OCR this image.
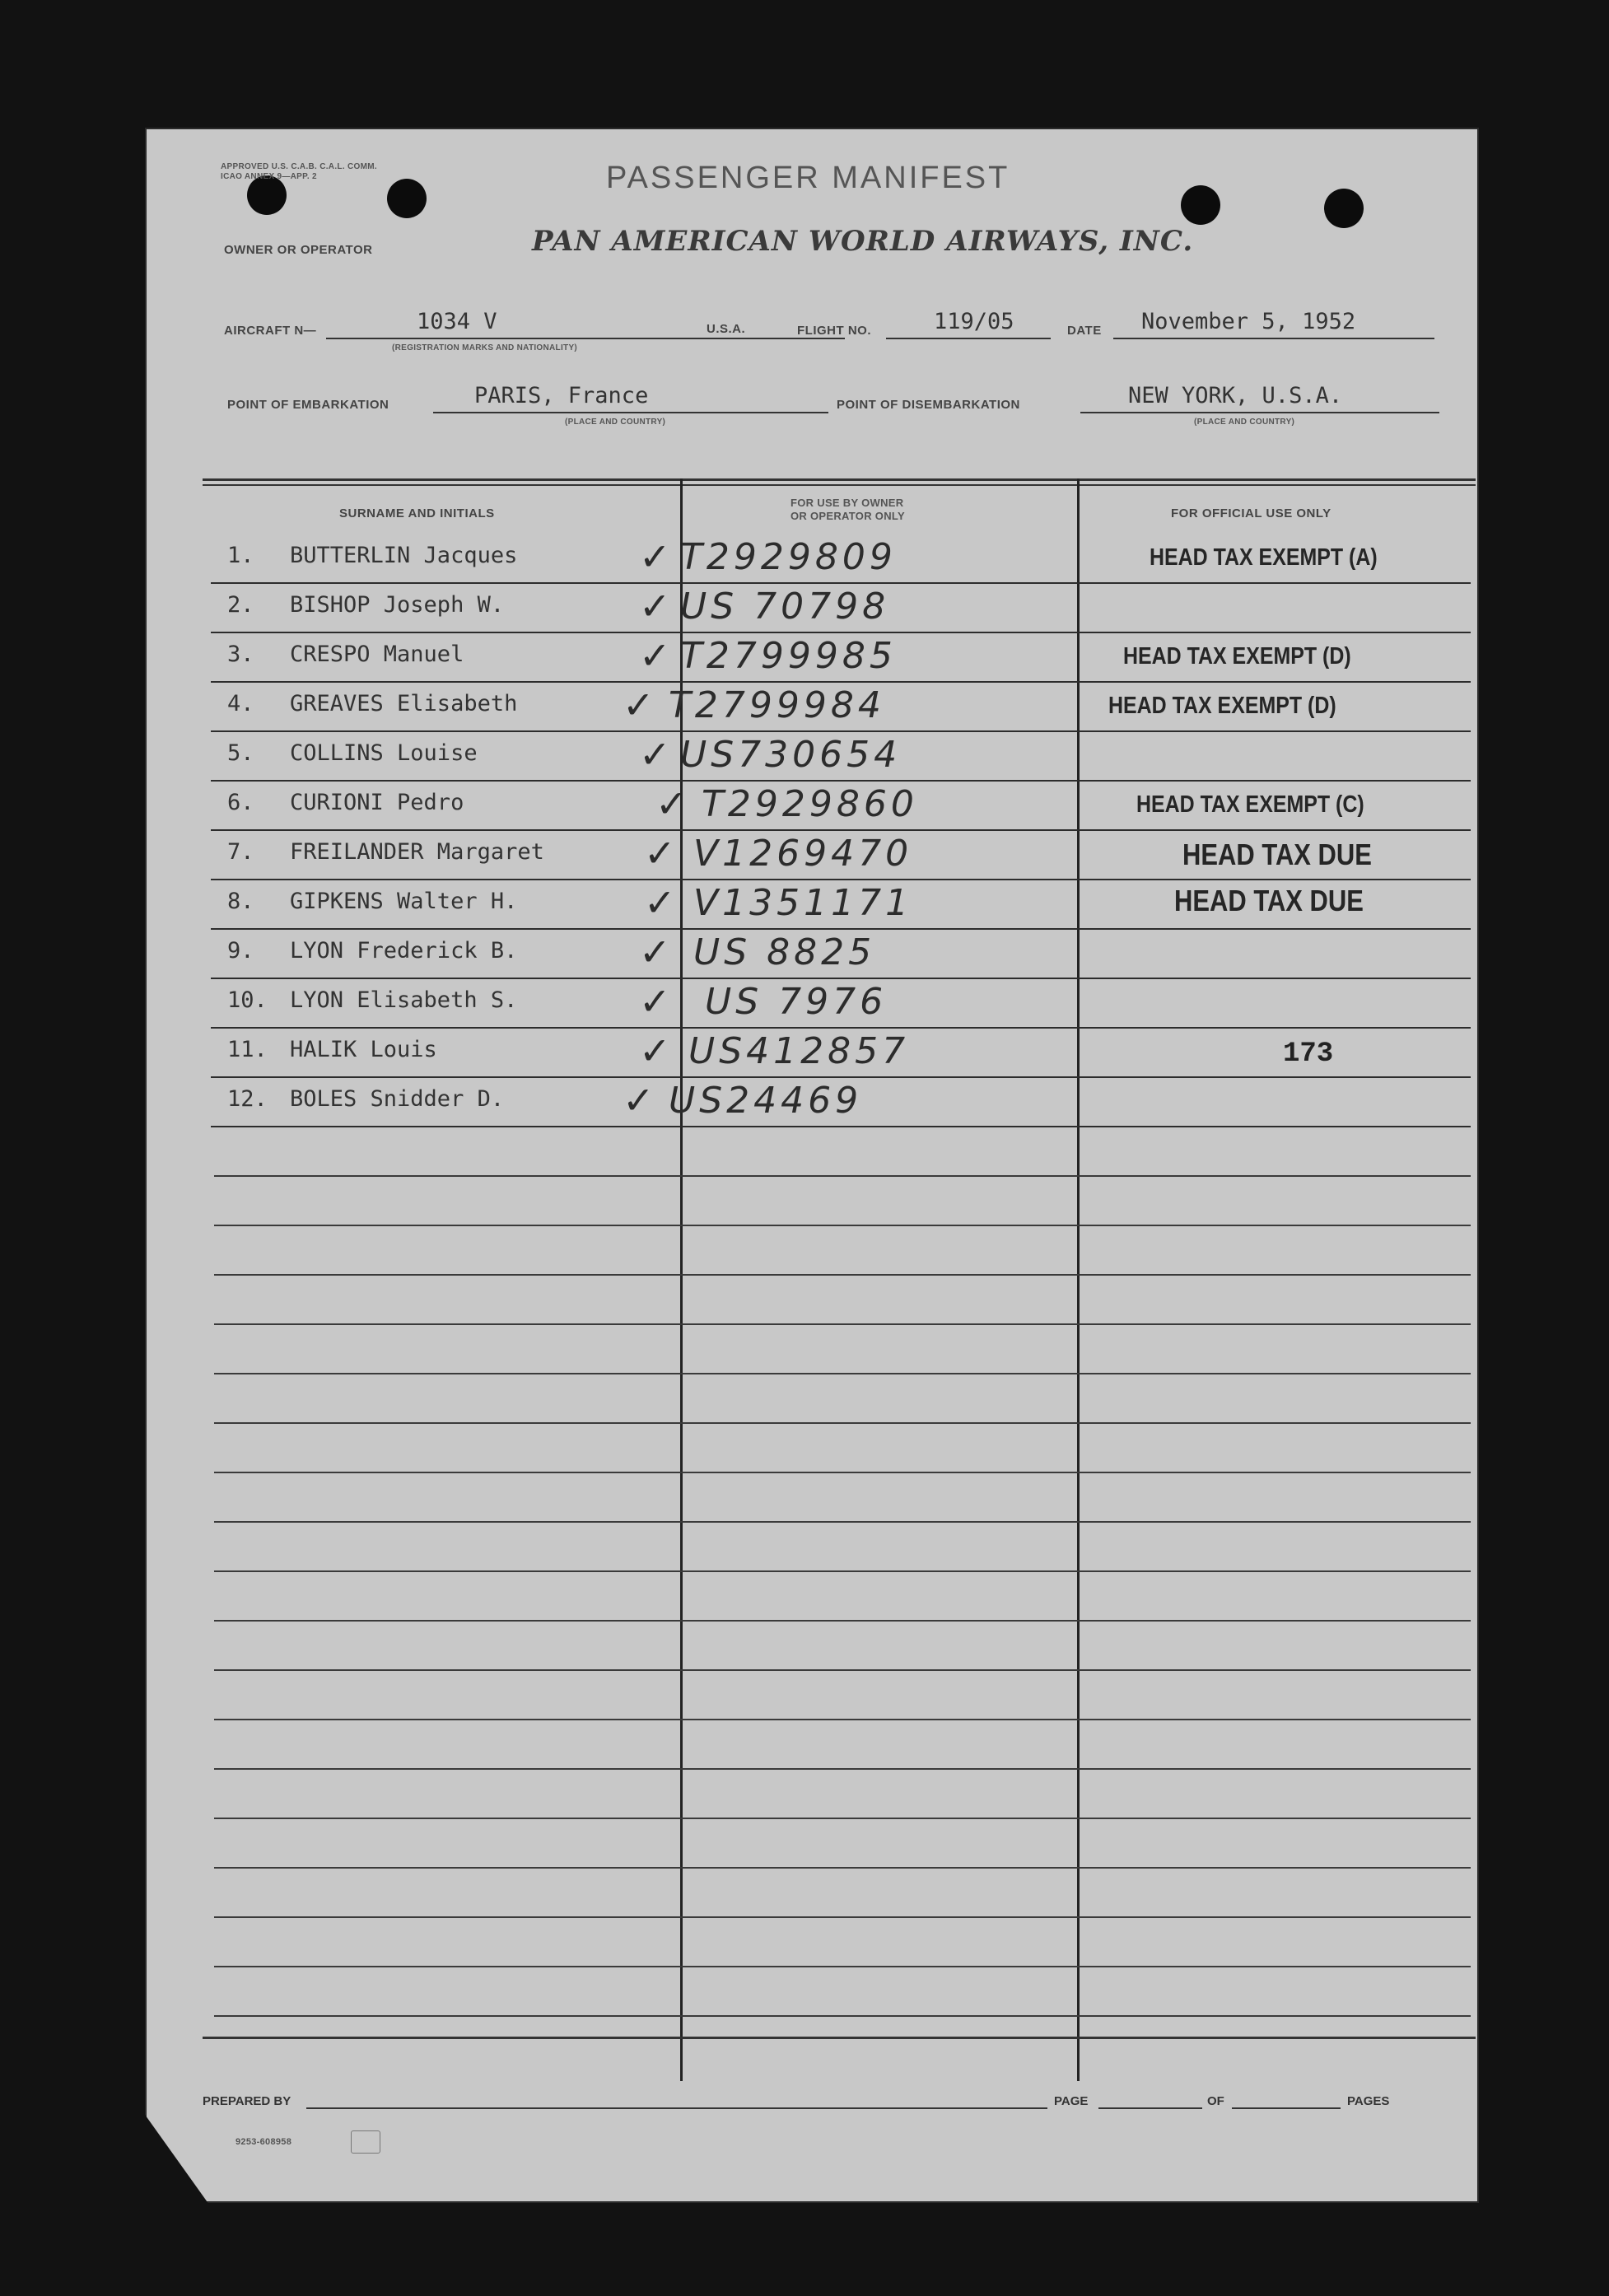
APPROVED U.S. C.A.B. C.A.L. COMM. ICAO ANNEX 9—APP. 2	PASSENGER MANIFEST
OWNER OR OPERATOR	PAN AMERICAN WORLD AIRWAYS, INC.
AIRCRAFT N—	1034 V
(REGISTRATION MARKS AND NATIONALITY)
U.S.A.	FLIGHT NO.	119/05	DATE November 5, 1952
POINT OF EMBARKATION	PARIS, France
(PLACE AND COUNTRY)
POINT OF DISEMBARKATION	NEW YORK, U.S.A.
(PLACE AND COUNTRY)
SURNAME AND INITIALS
FOR USE BY OWNER
OR OPERATOR ONLY	FOR OFFICIAL USE ONLY
1. BUTTERLIN Jacques	✓ T2929809	HEAD TAX EXEMPT (A)
2. BISHOP Joseph W.	✓ US 70798
3. CRESPO Manuel	✓ T2799985	HEAD TAX EXEMPT (D)
4. GREAVES Elisabeth	✓ T2799984	HEAD TAX EXEMPT (D)
5. COLLINS Louise	✓ US730654
6. CURIONI Pedro	✓ T2929860	HEAD TAX EXEMPT (C)
7. FREILANDER Margaret	✓ V1269470	HEAD TAX DUE
8. GIPKENS Walter H.	✓ V1351171	HEAD TAX DUE
9. LYON Frederick B.	✓ US 8825
10. LYON Elisabeth S.	✓ US 7976
11. HALIK Louis	✓ US412857	173
12. BOLES Snidder D.	✓ US24469
PREPARED BY	PAGE	OF	PAGES
9253-608958
